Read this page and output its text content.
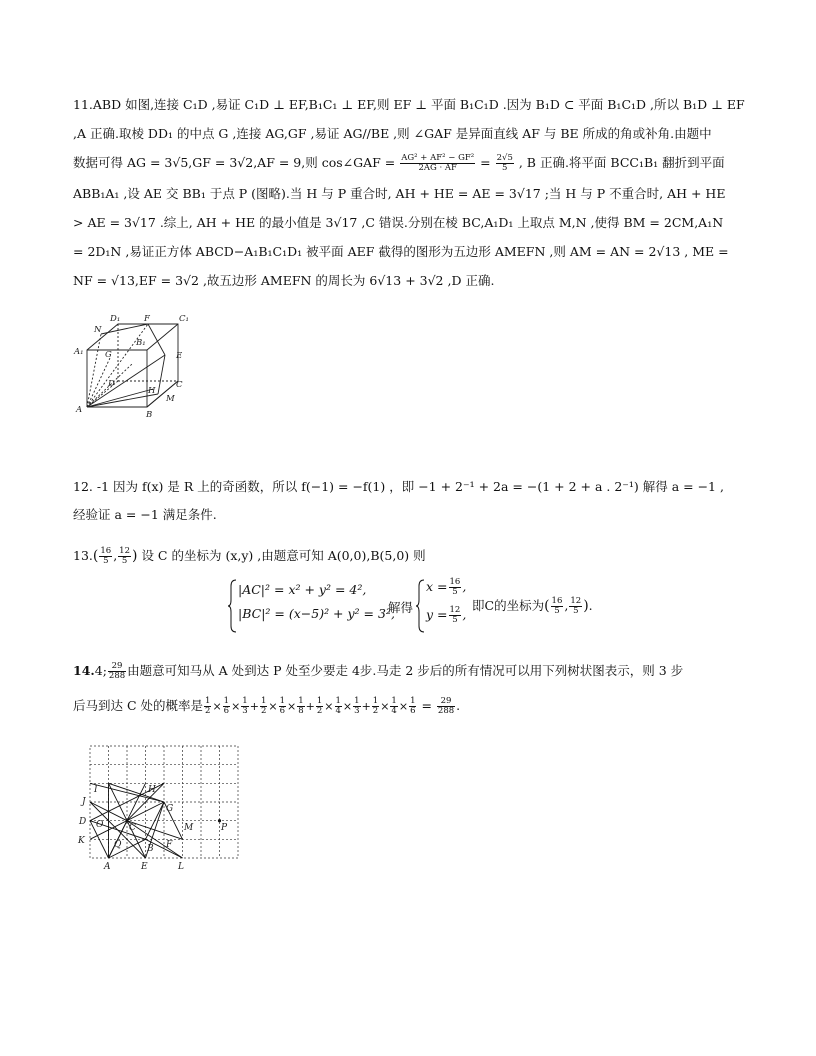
11.ABD 如图,连接 C₁D ,易证 C₁D ⊥ EF,B₁C₁ ⊥ EF,则 EF ⊥ 平面 B₁C₁D .因为 B₁D ⊂ 平面 B₁C₁D ,所以 B₁D ⊥ EF
,A 正确.取棱 DD₁ 的中点 G ,连接 AG,GF ,易证 AG//BE ,则 ∠GAF 是异面直线 AF 与 BE 所成的角或补角.由题中
数据可得 AG = 3√5,GF = 3√2,AF = 9,则 cos∠GAF = $\frac{\text{AG² + AF² − GF²}}{2AG \cdot AF} = \frac{2√5}{5}$ , B 正确.将平面 BCC₁B₁ 翻折到平面
ABB₁A₁ ,设 AE 交 BB₁ 于点 P (图略).当 H 与 P 重合时, AH + HE = AE = 3√17 ;当 H 与 P 不重合时, AH + HE
> AE = 3√17 .综上, AH + HE 的最小值是 3√17 ,C 错误.分别在棱 BC,A₁D₁ 上取点 M,N ,使得 BM = 2CM,A₁N
= 2D₁N ,易证正方体 ABCD−A₁B₁C₁D₁ 被平面 AEF 截得的图形为五边形 AMEFN ,则 AM = AN = 2√13 , ME =
NF = √13,EF = 3√2 ,故五边形 AMEFN 的周长为 6√13 + 3√2 ,D 正确.
N
D₁	F	C₁
A₁	G
B₁
E
D
H
C
A
M
B
12. -1 因为 f(x) 是 R 上的奇函数，所以 f(−1) = −f(1) ，即 −1 + 2⁻¹ + 2a = −(1 + 2 + a . 2⁻¹) 解得 a = −1 ,
经验证 a = −1 满足条件.
$13.( \frac{16}{5}$ , $\frac{12}{5}$ ) 设 C 的坐标为 (x,y) ,由题意可知 A(0,0),B(5,0) 则
|AC|² = x² + y² = 4²,
|BC|² = (x−5)² + y² = 3²,
解得
$x = \frac{16}{5}$ ,
$y = \frac{12}{5}$ ,
即C的坐标为( $\frac{16}{5}$ , $\frac{12}{5}$ ).
14.4; $\frac{29}{288}$ 由题意可知马从 A 处到达 P 处至少要走 4步.马走 2 步后的所有情况可以用下列树状图表示，则 3 步
后马到达 C 处的概率是 $\frac{1}{2} \times \frac{1}{6} \times \frac{1}{3} + \frac{1}{2} \times \frac{1}{6} \times \frac{1}{8} + \frac{1}{2} \times \frac{1}{4} \times \frac{1}{3} + \frac{1}{2} \times \frac{1}{4} \times \frac{1}{6} = \frac{29}{288}$ .
J
I	H
G
D O	C	M	P
K	Q	B F
A	E	L
